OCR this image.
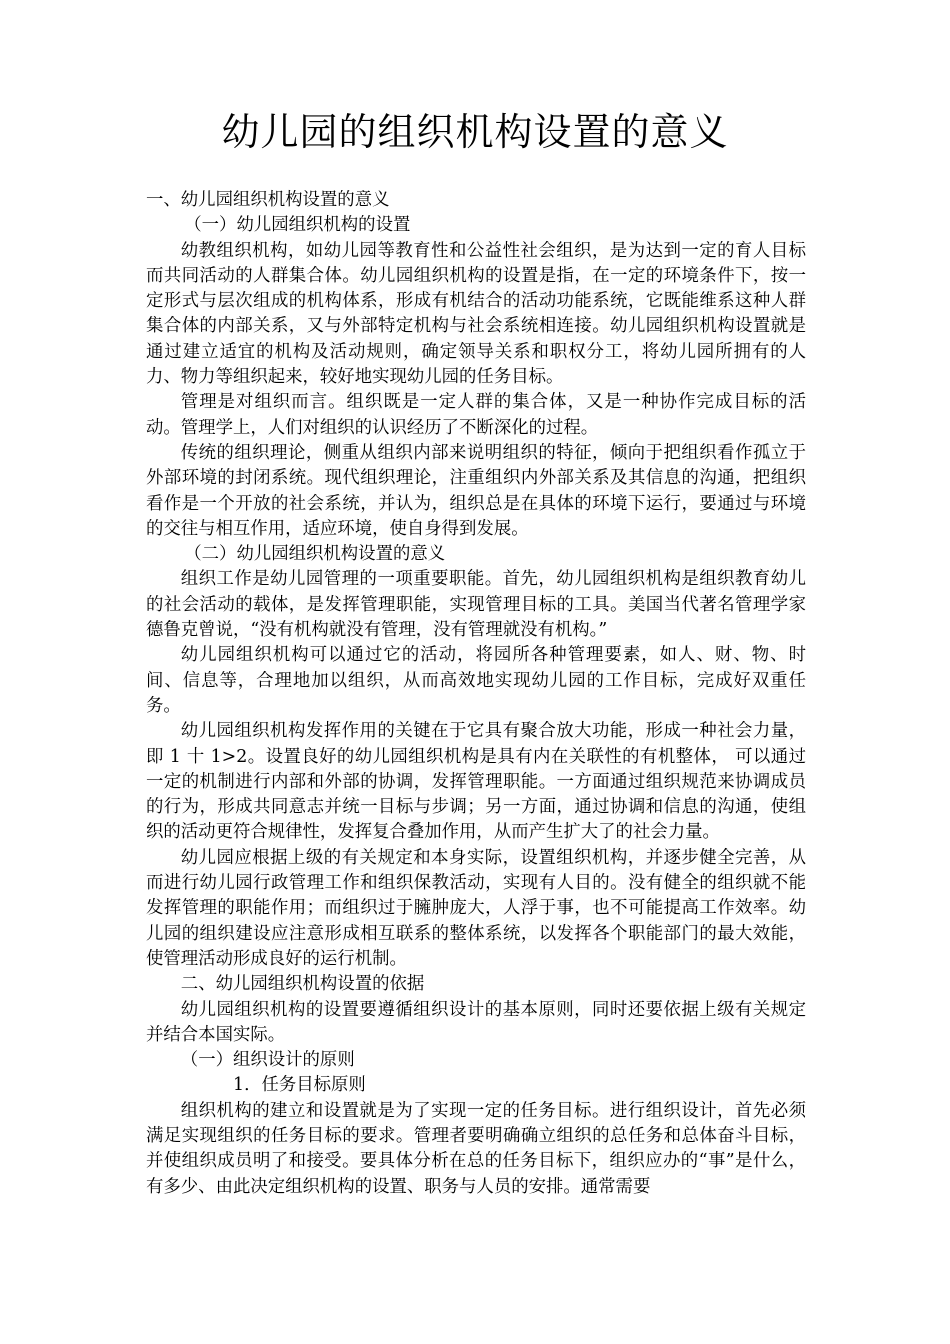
幼儿园的组织机构设置的意义

一、幼儿园组织机构设置的意义

（一）幼儿园组织机构的设置

幼教组织机构，如幼儿园等教育性和公益性社会组织，是为达到一定的育人目标而共同活动的人群集合体。幼儿园组织机构的设置是指，在一定的环境条件下，按一定形式与层次组成的机构体系，形成有机结合的活动功能系统，它既能维系这种人群集合体的内部关系，又与外部特定机构与社会系统相连接。幼儿园组织机构设置就是通过建立适宜的机构及活动规则，确定领导关系和职权分工，将幼儿园所拥有的人力、物力等组织起来，较好地实现幼儿园的任务目标。

管理是对组织而言。组织既是一定人群的集合体，又是一种协作完成目标的活动。管理学上，人们对组织的认识经历了不断深化的过程。

传统的组织理论，侧重从组织内部来说明组织的特征，倾向于把组织看作孤立于外部环境的封闭系统。现代组织理论，注重组织内外部关系及其信息的沟通，把组织看作是一个开放的社会系统，并认为，组织总是在具体的环境下运行，要通过与环境的交往与相互作用，适应环境，使自身得到发展。

（二）幼儿园组织机构设置的意义

组织工作是幼儿园管理的一项重要职能。首先，幼儿园组织机构是组织教育幼儿的社会活动的载体，是发挥管理职能，实现管理目标的工具。美国当代著名管理学家德鲁克曾说，“没有机构就没有管理，没有管理就没有机构。”

幼儿园组织机构可以通过它的活动，将园所各种管理要素，如人、财、物、时间、信息等，合理地加以组织，从而高效地实现幼儿园的工作目标，完成好双重任务。

幼儿园组织机构发挥作用的关键在于它具有聚合放大功能，形成一种社会力量，即 1 十 1>2。设置良好的幼儿园组织机构是具有内在关联性的有机整体， 可以通过一定的机制进行内部和外部的协调，发挥管理职能。一方面通过组织规范来协调成员的行为，形成共同意志并统一目标与步调；另一方面，通过协调和信息的沟通，使组织的活动更符合规律性，发挥复合叠加作用，从而产生扩大了的社会力量。

幼儿园应根据上级的有关规定和本身实际，设置组织机构，并逐步健全完善，从而进行幼儿园行政管理工作和组织保教活动，实现有人目的。没有健全的组织就不能发挥管理的职能作用；而组织过于臃肿庞大，人浮于事，也不可能提高工作效率。幼儿园的组织建设应注意形成相互联系的整体系统，以发挥各个职能部门的最大效能，使管理活动形成良好的运行机制。

二、幼儿园组织机构设置的依据

幼儿园组织机构的设置要遵循组织设计的基本原则，同时还要依据上级有关规定并结合本国实际。

（一）组织设计的原则

1．任务目标原则

组织机构的建立和设置就是为了实现一定的任务目标。进行组织设计，首先必须满足实现组织的任务目标的要求。管理者要明确确立组织的总任务和总体奋斗目标，并使组织成员明了和接受。要具体分析在总的任务目标下，组织应办的“事”是什么，有多少、由此决定组织机构的设置、职务与人员的安排。通常需要
